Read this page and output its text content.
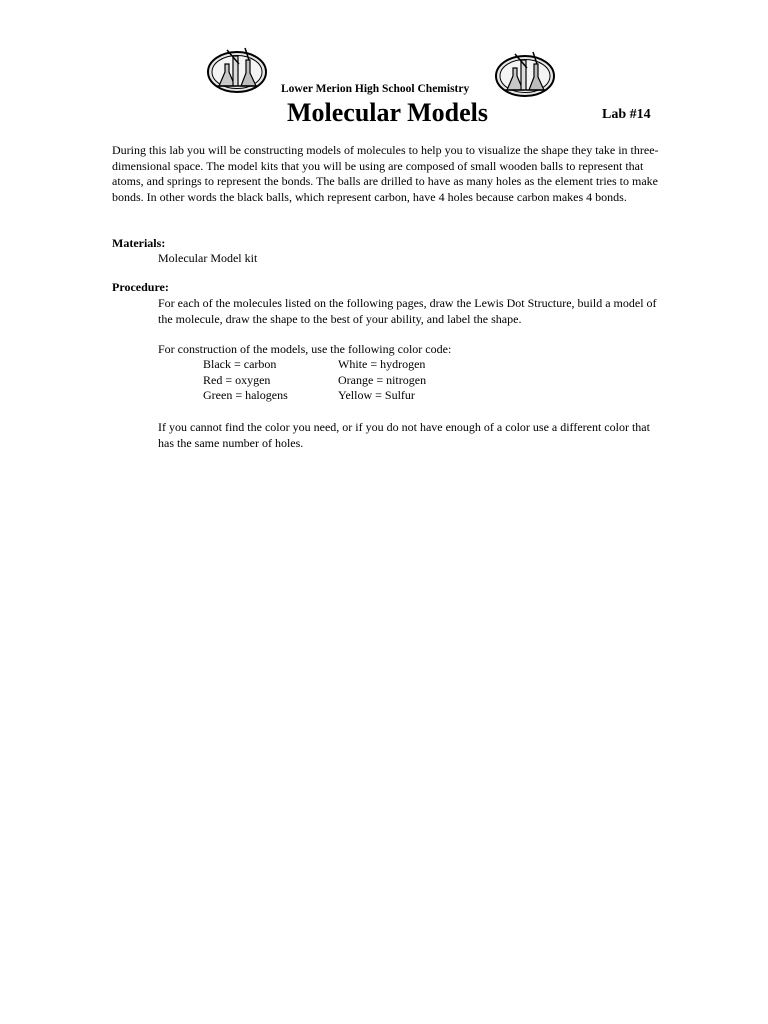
Lower Merion High School Chemistry
Molecular Models	Lab #14

During this lab you will be constructing models of molecules to help you to visualize the shape they take in three-dimensional space. The model kits that you will be using are composed of small wooden balls to represent that atoms, and springs to represent the bonds. The balls are drilled to have as many holes as the element tries to make bonds. In other words the black balls, which represent carbon, have 4 holes because carbon makes 4 bonds.

Materials:

Molecular Model kit

Procedure:

For each of the molecules listed on the following pages, draw the Lewis Dot Structure, build a model of the molecule, draw the shape to the best of your ability, and label the shape.

For construction of the models, use the following color code:

Black = carbon	White = hydrogen
Red = oxygen	Orange = nitrogen
Green = halogens	Yellow = Sulfur

If you cannot find the color you need, or if you do not have enough of a color use a different color that has the same number of holes.
